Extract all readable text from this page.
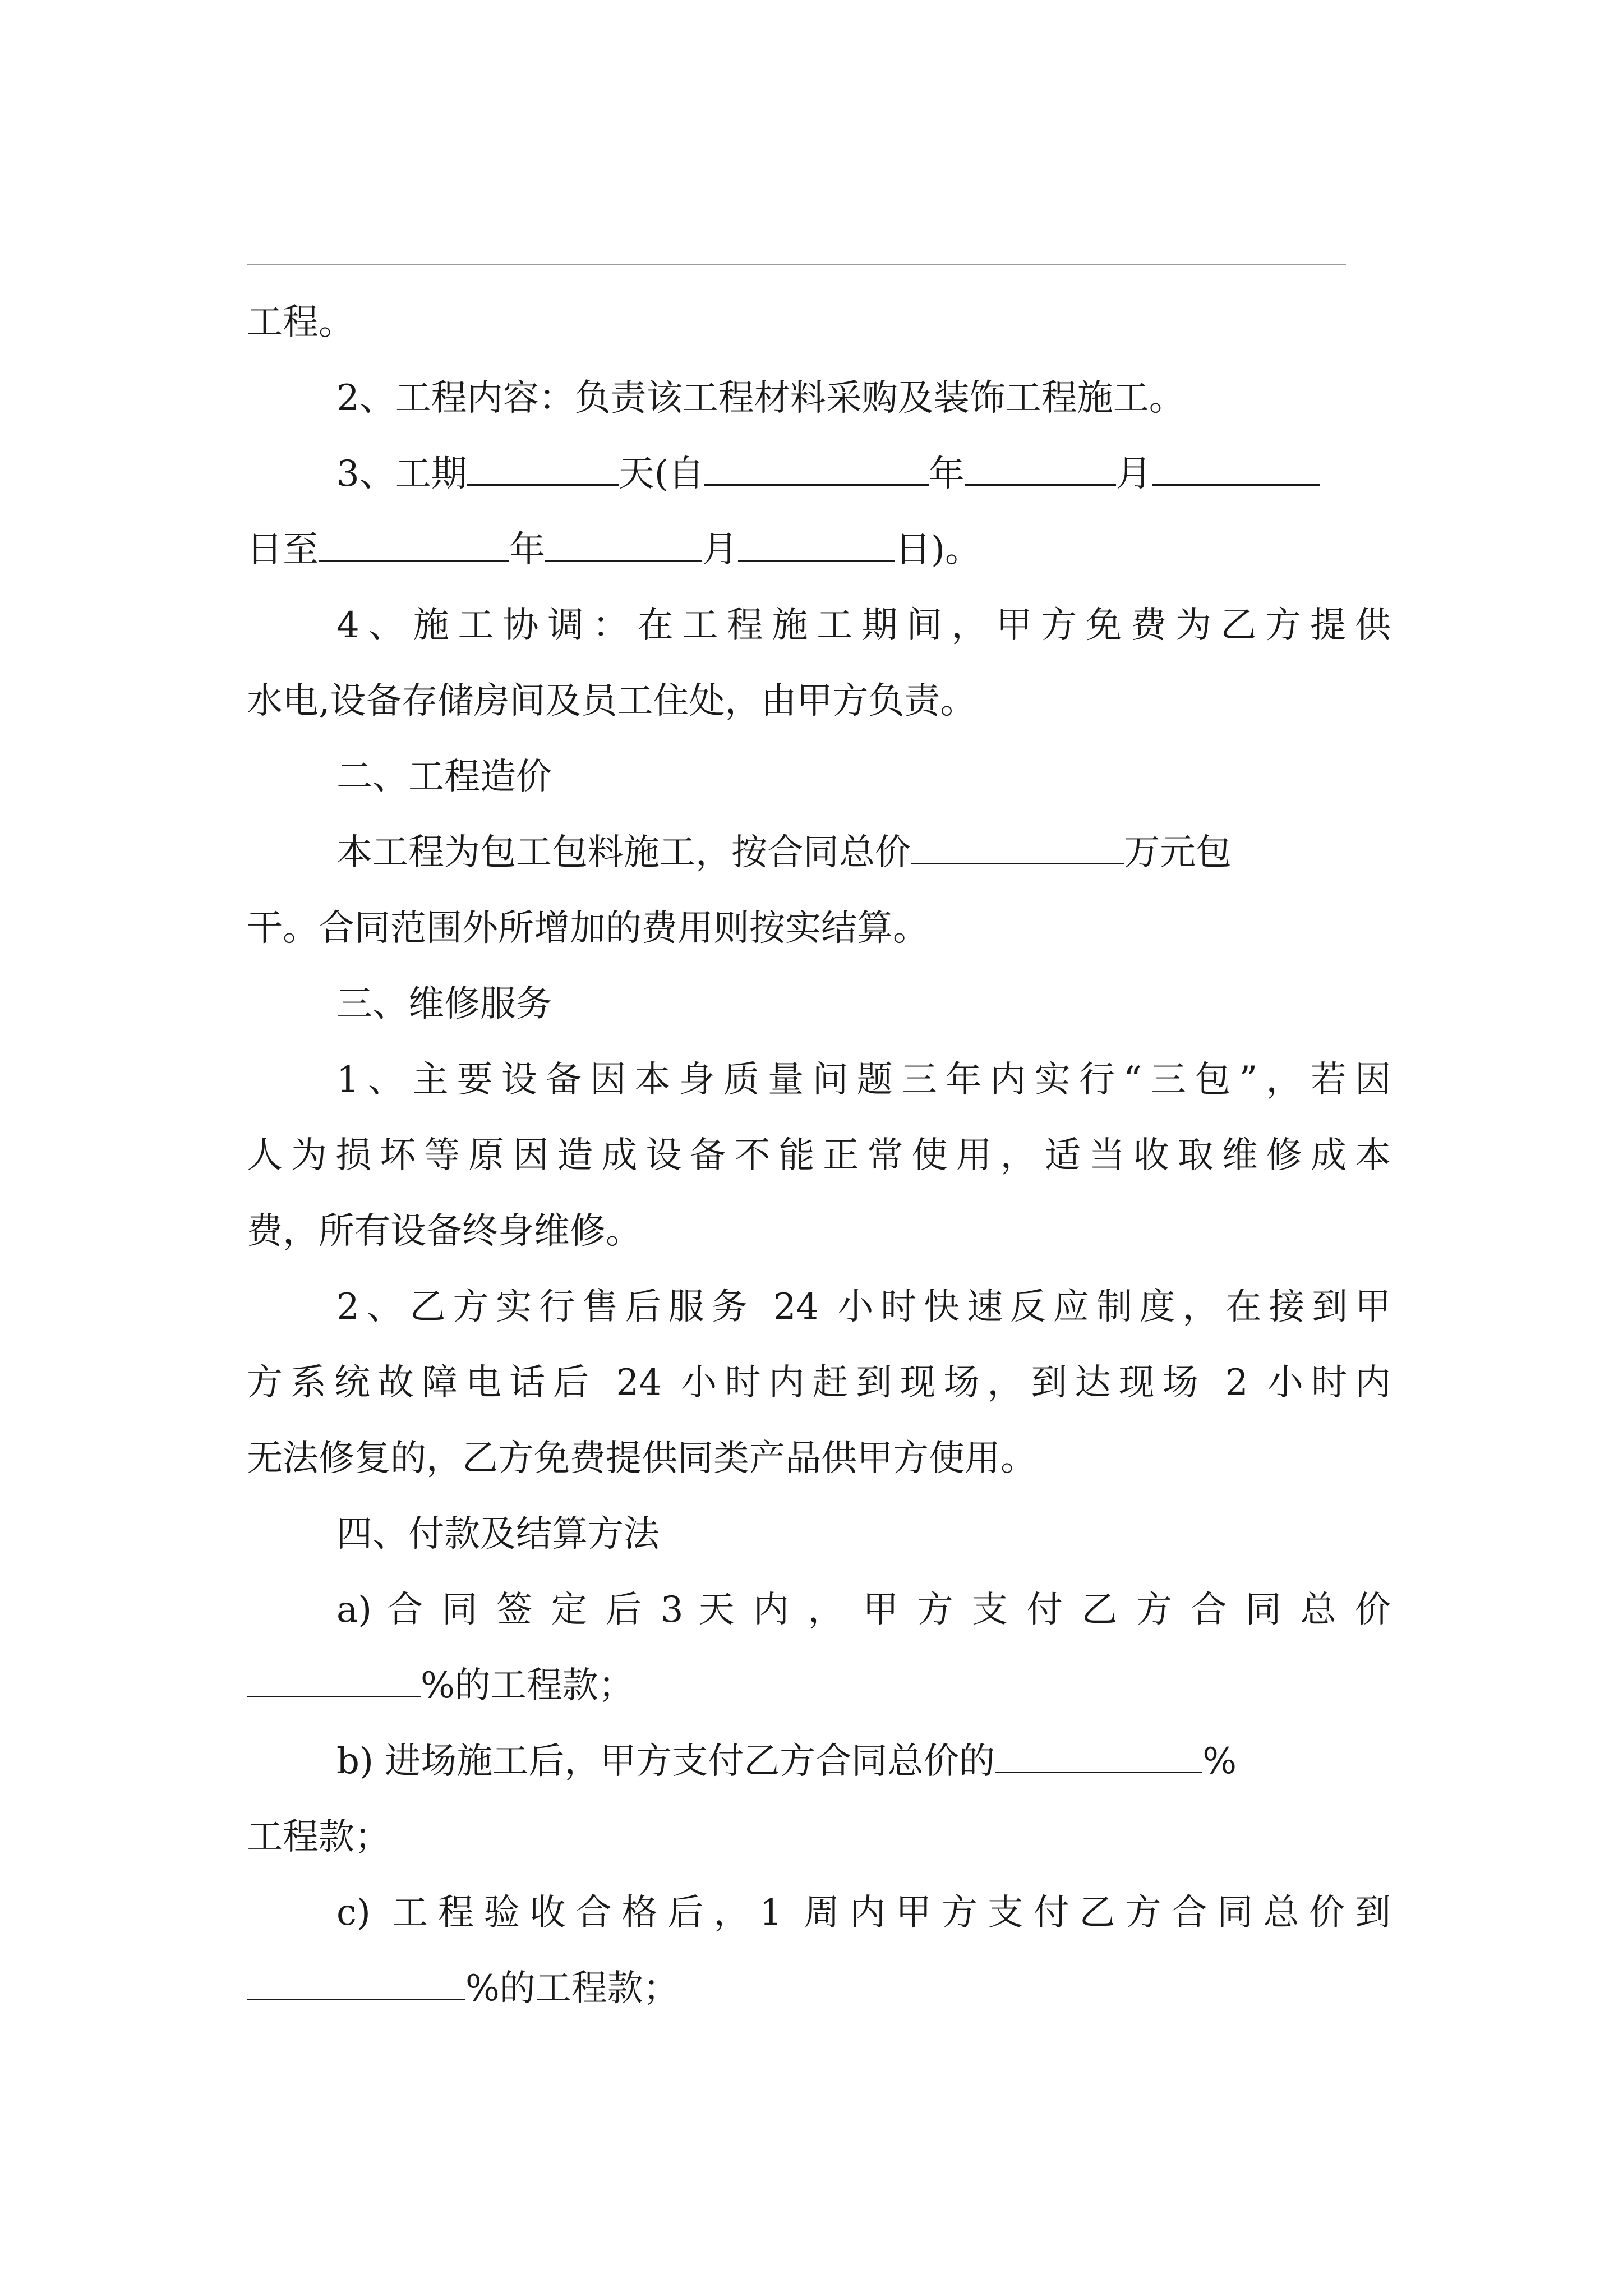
工程。
2、工程内容：负责该工程材料采购及装饰工程施工。
3、工期	天(自	年	月
日至	年	月	日)。
4、施工协调：在工程施工期间，甲方免费为乙方提供
水电,设备存储房间及员工住处，由甲方负责。
二、工程造价
本工程为包工包料施工，按合同总价	万元包
干。合同范围外所增加的费用则按实结算。
三、维修服务
1、主要设备因本身质量问题三年内实行“三包”，若因
人为损坏等原因造成设备不能正常使用，适当收取维修成本
费，所有设备终身维修。
2、乙方实行售后服务 24 小时快速反应制度，在接到甲
方系统故障电话后 24 小时内赶到现场，到达现场 2 小时内
无法修复的，乙方免费提供同类产品供甲方使用。
四、付款及结算方法
a) 合 同 签 定 后 3 天 内 ， 甲 方 支 付 乙 方 合 同 总 价
%的工程款；
b) 进场施工后，甲方支付乙方合同总价的	%
工程款；
c) 工程验收合格后，1 周内甲方支付乙方合同总价到
%的工程款；
